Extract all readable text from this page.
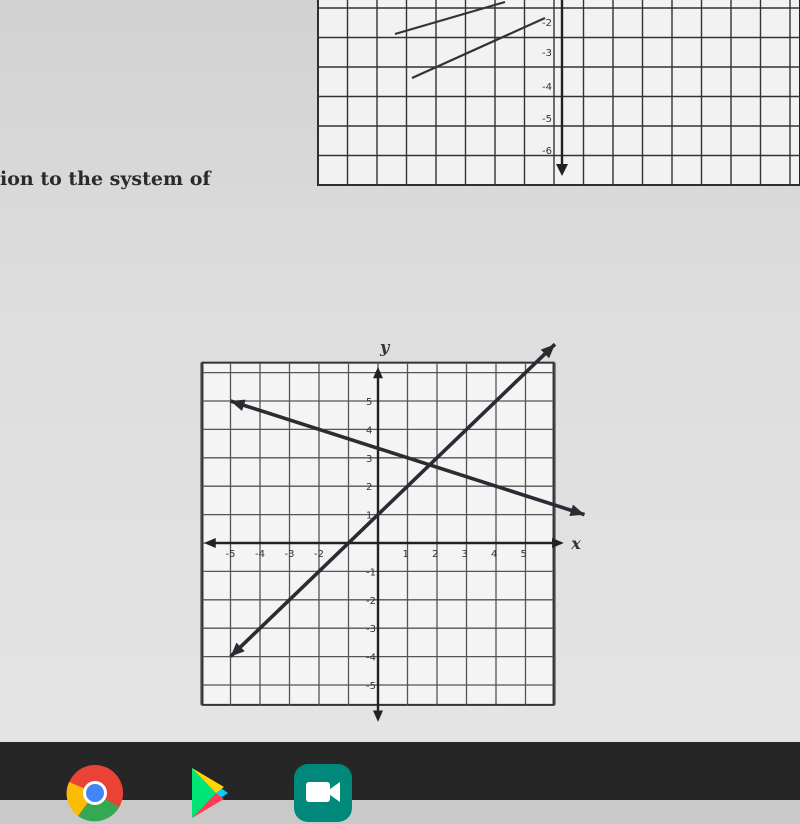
-2
-3
-4
-5
-6
ion to the system of
x
y
-5 -4 -3 -2	1 2 3 4 5
5
4
3
2
1
-1
-2
-3
-4
-5
